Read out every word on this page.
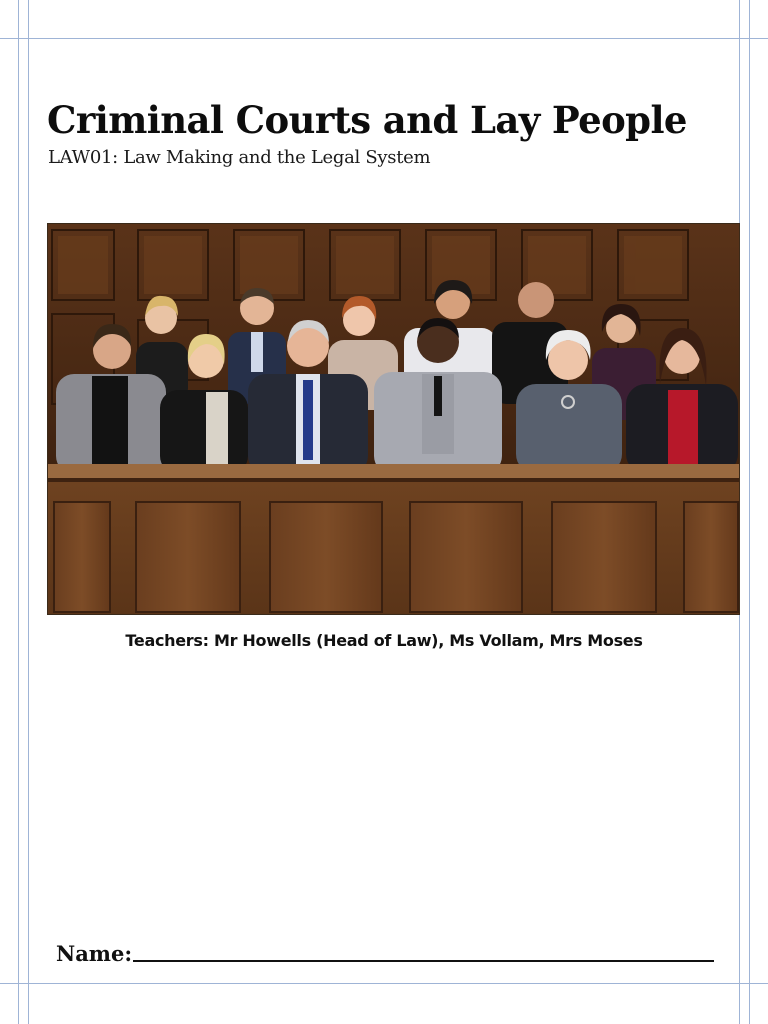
Criminal Courts and Lay People

LAW01: Law Making and the Legal System

Teachers: Mr Howells (Head of Law), Ms Vollam, Mrs Moses
Name:
